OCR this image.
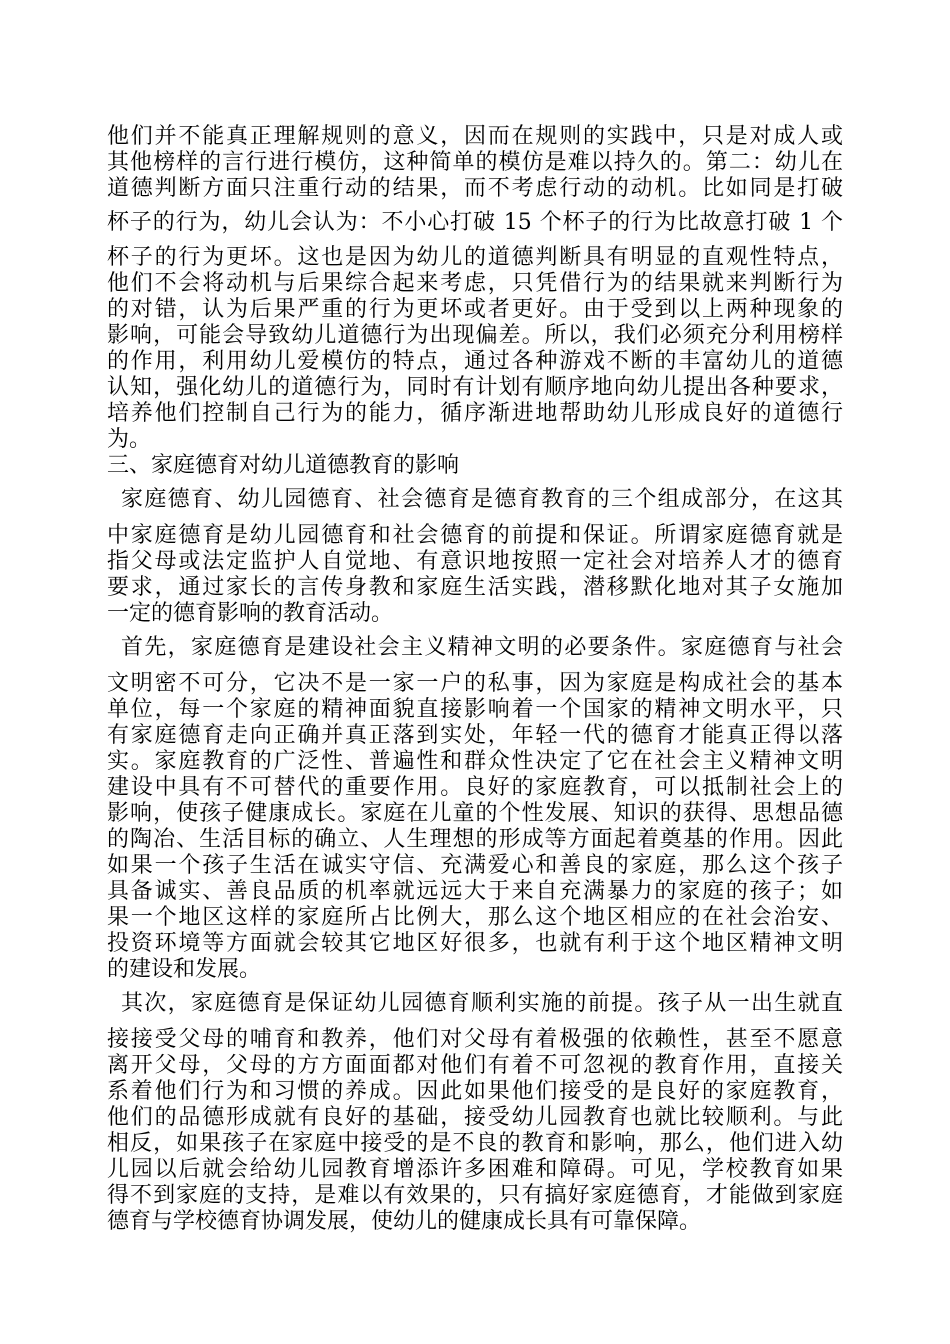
他们并不能真正理解规则的意义，因而在规则的实践中，只是对成人或

其他榜样的言行进行模仿，这种简单的模仿是难以持久的。第二：幼儿在

道德判断方面只注重行动的结果，而不考虑行动的动机。比如同是打破

杯子的行为，幼儿会认为：不小心打破 15 个杯子的行为比故意打破 1 个

杯子的行为更坏。这也是因为幼儿的道德判断具有明显的直观性特点，

他们不会将动机与后果综合起来考虑，只凭借行为的结果就来判断行为

的对错，认为后果严重的行为更坏或者更好。由于受到以上两种现象的

影响，可能会导致幼儿道德行为出现偏差。所以，我们必须充分利用榜样

的作用，利用幼儿爱模仿的特点，通过各种游戏不断的丰富幼儿的道德

认知，强化幼儿的道德行为，同时有计划有顺序地向幼儿提出各种要求，

培养他们控制自己行为的能力，循序渐进地帮助幼儿形成良好的道德行

为。

三、家庭德育对幼儿道德教育的影响

家庭德育、幼儿园德育、社会德育是德育教育的三个组成部分，在这其

中家庭德育是幼儿园德育和社会德育的前提和保证。所谓家庭德育就是

指父母或法定监护人自觉地、有意识地按照一定社会对培养人才的德育

要求，通过家长的言传身教和家庭生活实践，潜移默化地对其子女施加

一定的德育影响的教育活动。

首先，家庭德育是建设社会主义精神文明的必要条件。家庭德育与社会

文明密不可分，它决不是一家一户的私事，因为家庭是构成社会的基本

单位，每一个家庭的精神面貌直接影响着一个国家的精神文明水平，只

有家庭德育走向正确并真正落到实处，年轻一代的德育才能真正得以落

实。家庭教育的广泛性、普遍性和群众性决定了它在社会主义精神文明

建设中具有不可替代的重要作用。良好的家庭教育，可以抵制社会上的

影响，使孩子健康成长。家庭在儿童的个性发展、知识的获得、思想品德

的陶冶、生活目标的确立、人生理想的形成等方面起着奠基的作用。因此

如果一个孩子生活在诚实守信、充满爱心和善良的家庭，那么这个孩子

具备诚实、善良品质的机率就远远大于来自充满暴力的家庭的孩子；如

果一个地区这样的家庭所占比例大，那么这个地区相应的在社会治安、

投资环境等方面就会较其它地区好很多，也就有利于这个地区精神文明

的建设和发展。

其次，家庭德育是保证幼儿园德育顺利实施的前提。孩子从一出生就直

接接受父母的哺育和教养，他们对父母有着极强的依赖性，甚至不愿意

离开父母，父母的方方面面都对他们有着不可忽视的教育作用，直接关

系着他们行为和习惯的养成。因此如果他们接受的是良好的家庭教育，

他们的品德形成就有良好的基础，接受幼儿园教育也就比较顺利。与此

相反，如果孩子在家庭中接受的是不良的教育和影响，那么，他们进入幼

儿园以后就会给幼儿园教育增添许多困难和障碍。可见，学校教育如果

得不到家庭的支持，是难以有效果的，只有搞好家庭德育，才能做到家庭

德育与学校德育协调发展，使幼儿的健康成长具有可靠保障。
